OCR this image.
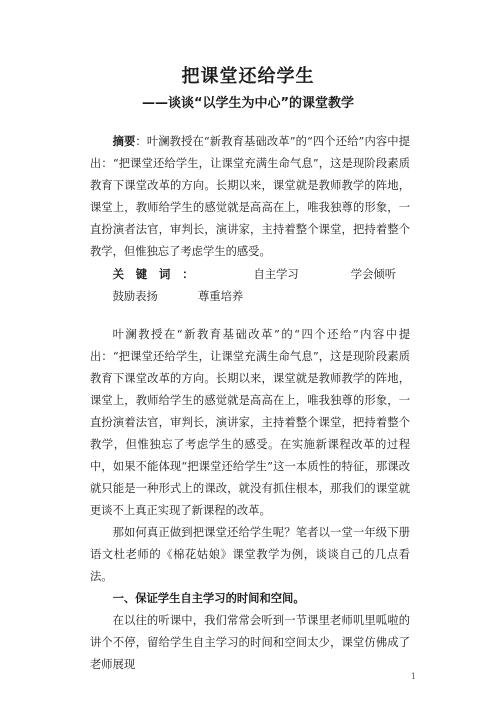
把课堂还给学生
——谈谈“以学生为中心”的课堂教学

摘要：叶澜教授在“新教育基础改革”的“四个还给”内容中提出：“把课堂还给学生，让课堂充满生命气息”，这是现阶段素质教育下课堂改革的方向。长期以来，课堂就是教师教学的阵地，课堂上，教师给学生的感觉就是高高在上，唯我独尊的形象，一直扮演者法官，审判长，演讲家，主持着整个课堂，把持着整个教学，但惟独忘了考虑学生的感受。

关键词：	自主学习	学会倾听 鼓励表扬	尊重培养

叶澜教授在“新教育基础改革”的“四个还给”内容中提出：“把课堂还给学生，让课堂充满生命气息”，这是现阶段素质教育下课堂改革的方向。长期以来，课堂就是教师教学的阵地，课堂上，教师给学生的感觉就是高高在上，唯我独尊的形象，一直扮演着法官，审判长，演讲家，主持着整个课堂，把持着整个教学，但惟独忘了考虑学生的感受。在实施新课程改革的过程中，如果不能体现“把课堂还给学生”这一本质性的特征，那课改就只能是一种形式上的课改，就没有抓住根本，那我们的课堂就更谈不上真正实现了新课程的改革。

那如何真正做到把课堂还给学生呢？笔者以一堂一年级下册语文杜老师的《棉花姑娘》课堂教学为例，谈谈自己的几点看法。

一、保证学生自主学习的时间和空间。

在以往的听课中，我们常常会听到一节课里老师叽里呱啦的讲个不停，留给学生自主学习的时间和空间太少，课堂仿佛成了老师展现

1
